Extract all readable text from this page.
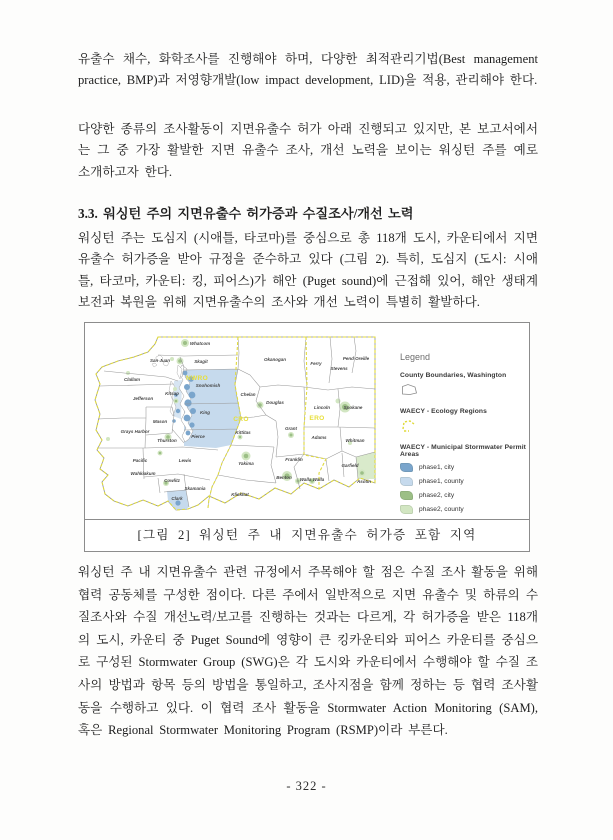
유출수 채수, 화학조사를 진행해야 하며, 다양한 최적관리기법(Best management practice, BMP)과 저영향개발(low impact development, LID)을 적용, 관리해야 한다.

다양한 종류의 조사활동이 지면유출수 허가 아래 진행되고 있지만, 본 보고서에서는 그 중 가장 활발한 지면 유출수 조사, 개선 노력을 보이는 워싱턴 주를 예로 소개하고자 한다.

3.3. 워싱턴 주의 지면유출수 허가증과 수질조사/개선 노력

워싱턴 주는 도심지 (시애틀, 타코마)를 중심으로 총 118개 도시, 카운티에서 지면 유출수 허가증을 받아 규정을 준수하고 있다 (그림 2). 특히, 도심지 (도시: 시애틀, 타코마, 카운티: 킹, 피어스)가 해안 (Puget sound)에 근접해 있어, 해안 생태계 보전과 복원을 위해 지면유출수의 조사와 개선 노력이 특별히 활발하다.

Whatcom
San Juan	Skagit	Okanogan
Ferry
Stevens
Pend Oreille
Clallam
Snohomish
Chelan
Douglas
Lincoln	Spokane
Jefferson
Kitsap
King
Mason
Grays Harbor
Thurston
Pierce
Kittitas
Grant
Adams
Whitman
Pacific	Lewis
Yakima
Franklin
Wahkiakum
Cowlitz
Benton Walla Walla
Garfield
Asotin
Skamania
Clark
Klickitat
NWRO
CRO	ERO
Legend
County Boundaries, Washington
WAECY - Ecology Regions
WAECY - Municipal Stormwater Permit Areas
phase1, city
phase1, county
phase2, city
phase2, county
[그림 2] 워싱턴 주 내 지면유출수 허가증 포함 지역

워싱턴 주 내 지면유출수 관련 규정에서 주목해야 할 점은 수질 조사 활동을 위해 협력 공동체를 구성한 점이다. 다른 주에서 일반적으로 지면 유출수 및 하류의 수질조사와 수질 개선노력/보고를 진행하는 것과는 다르게, 각 허가증을 받은 118개의 도시, 카운티 중 Puget Sound에 영향이 큰 킹카운티와 피어스 카운티를 중심으로 구성된 Stormwater Group (SWG)은 각 도시와 카운티에서 수행해야 할 수질 조사의 방법과 항목 등의 방법을 통일하고, 조사지점을 함께 정하는 등 협력 조사활동을 수행하고 있다. 이 협력 조사 활동을 Stormwater Action Monitoring (SAM), 혹은 Regional Stormwater Monitoring Program (RSMP)이라 부른다.

- 322 -
